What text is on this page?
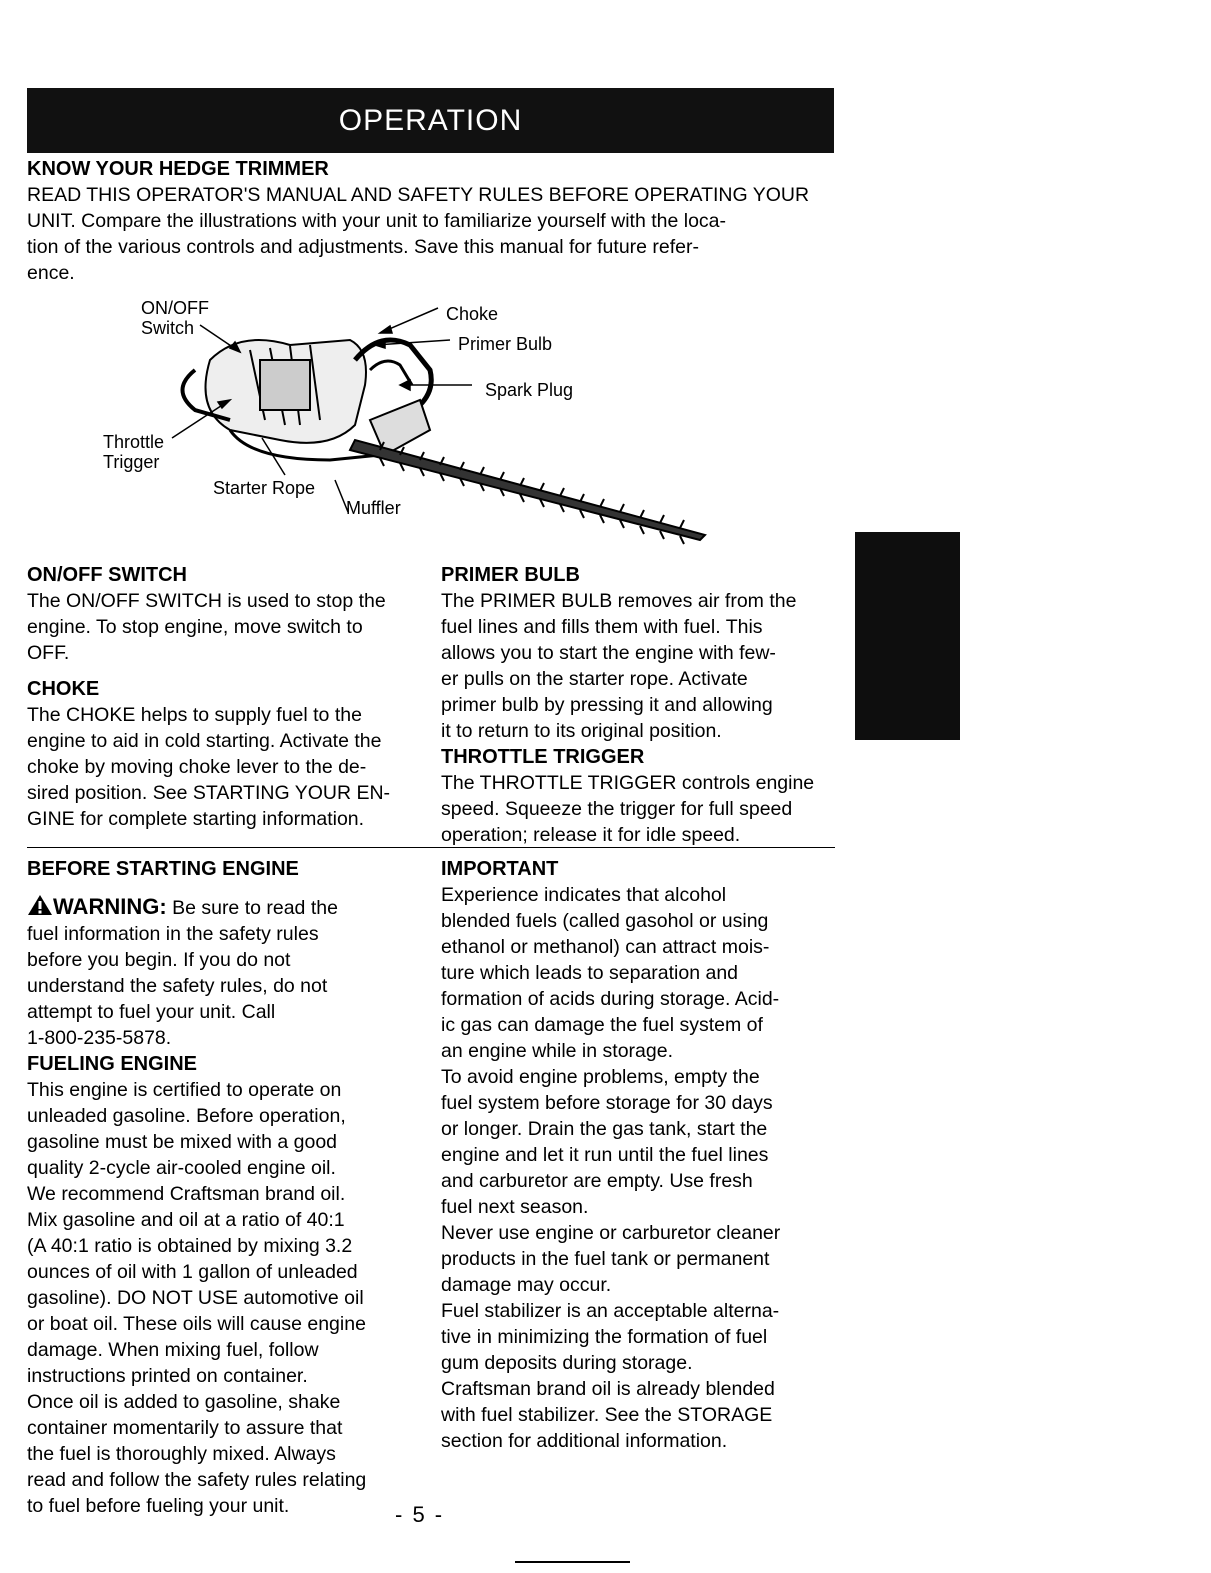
OPERATION
KNOW YOUR HEDGE TRIMMER
READ THIS OPERATOR'S MANUAL AND SAFETY RULES BEFORE OPERATING YOUR
UNIT. Compare the illustrations with your unit to familiarize yourself with the loca-
tion of the various controls and adjustments. Save this manual for future refer-
ence.
ON/OFF
Switch
Choke
Primer Bulb
Spark Plug
Throttle
Trigger
Starter Rope
Muffler
ON/OFF SWITCH

The ON/OFF SWITCH is used to stop the

engine. To stop engine, move switch to

OFF.

CHOKE

The CHOKE helps to supply fuel to the

engine to aid in cold starting. Activate the

choke by moving choke lever to the de-

sired position. See STARTING YOUR EN-

GINE for complete starting information.

PRIMER BULB

The PRIMER BULB removes air from the

fuel lines and fills them with fuel. This

allows you to start the engine with few-

er pulls on the starter rope. Activate

primer bulb by pressing it and allowing

it to return to its original position.

THROTTLE TRIGGER

The THROTTLE TRIGGER controls engine

speed. Squeeze the trigger for full speed

operation; release it for idle speed.

BEFORE STARTING ENGINE
WARNING: Be sure to read the

fuel information in the safety rules

before you begin. If you do not

understand the safety rules, do not

attempt to fuel your unit. Call

1-800-235-5878.

FUELING ENGINE

This engine is certified to operate on

unleaded gasoline. Before operation,

gasoline must be mixed with a good

quality 2-cycle air-cooled engine oil.

We recommend Craftsman brand oil.

Mix gasoline and oil at a ratio of 40:1

(A 40:1 ratio is obtained by mixing 3.2

ounces of oil with 1 gallon of unleaded

gasoline). DO NOT USE automotive oil

or boat oil. These oils will cause engine

damage. When mixing fuel, follow

instructions printed on container.

Once oil is added to gasoline, shake

container momentarily to assure that

the fuel is thoroughly mixed. Always

read and follow the safety rules relating

to fuel before fueling your unit.

IMPORTANT

Experience indicates that alcohol

blended fuels (called gasohol or using

ethanol or methanol) can attract mois-

ture which leads to separation and

formation of acids during storage. Acid-

ic gas can damage the fuel system of

an engine while in storage.

To avoid engine problems, empty the

fuel system before storage for 30 days

or longer. Drain the gas tank, start the

engine and let it run until the fuel lines

and carburetor are empty. Use fresh

fuel next season.

Never use engine or carburetor cleaner

products in the fuel tank or permanent

damage may occur.

Fuel stabilizer is an acceptable alterna-

tive in minimizing the formation of fuel

gum deposits during storage.

Craftsman brand oil is already blended

with fuel stabilizer. See the STORAGE

section for additional information.

- 5 -
